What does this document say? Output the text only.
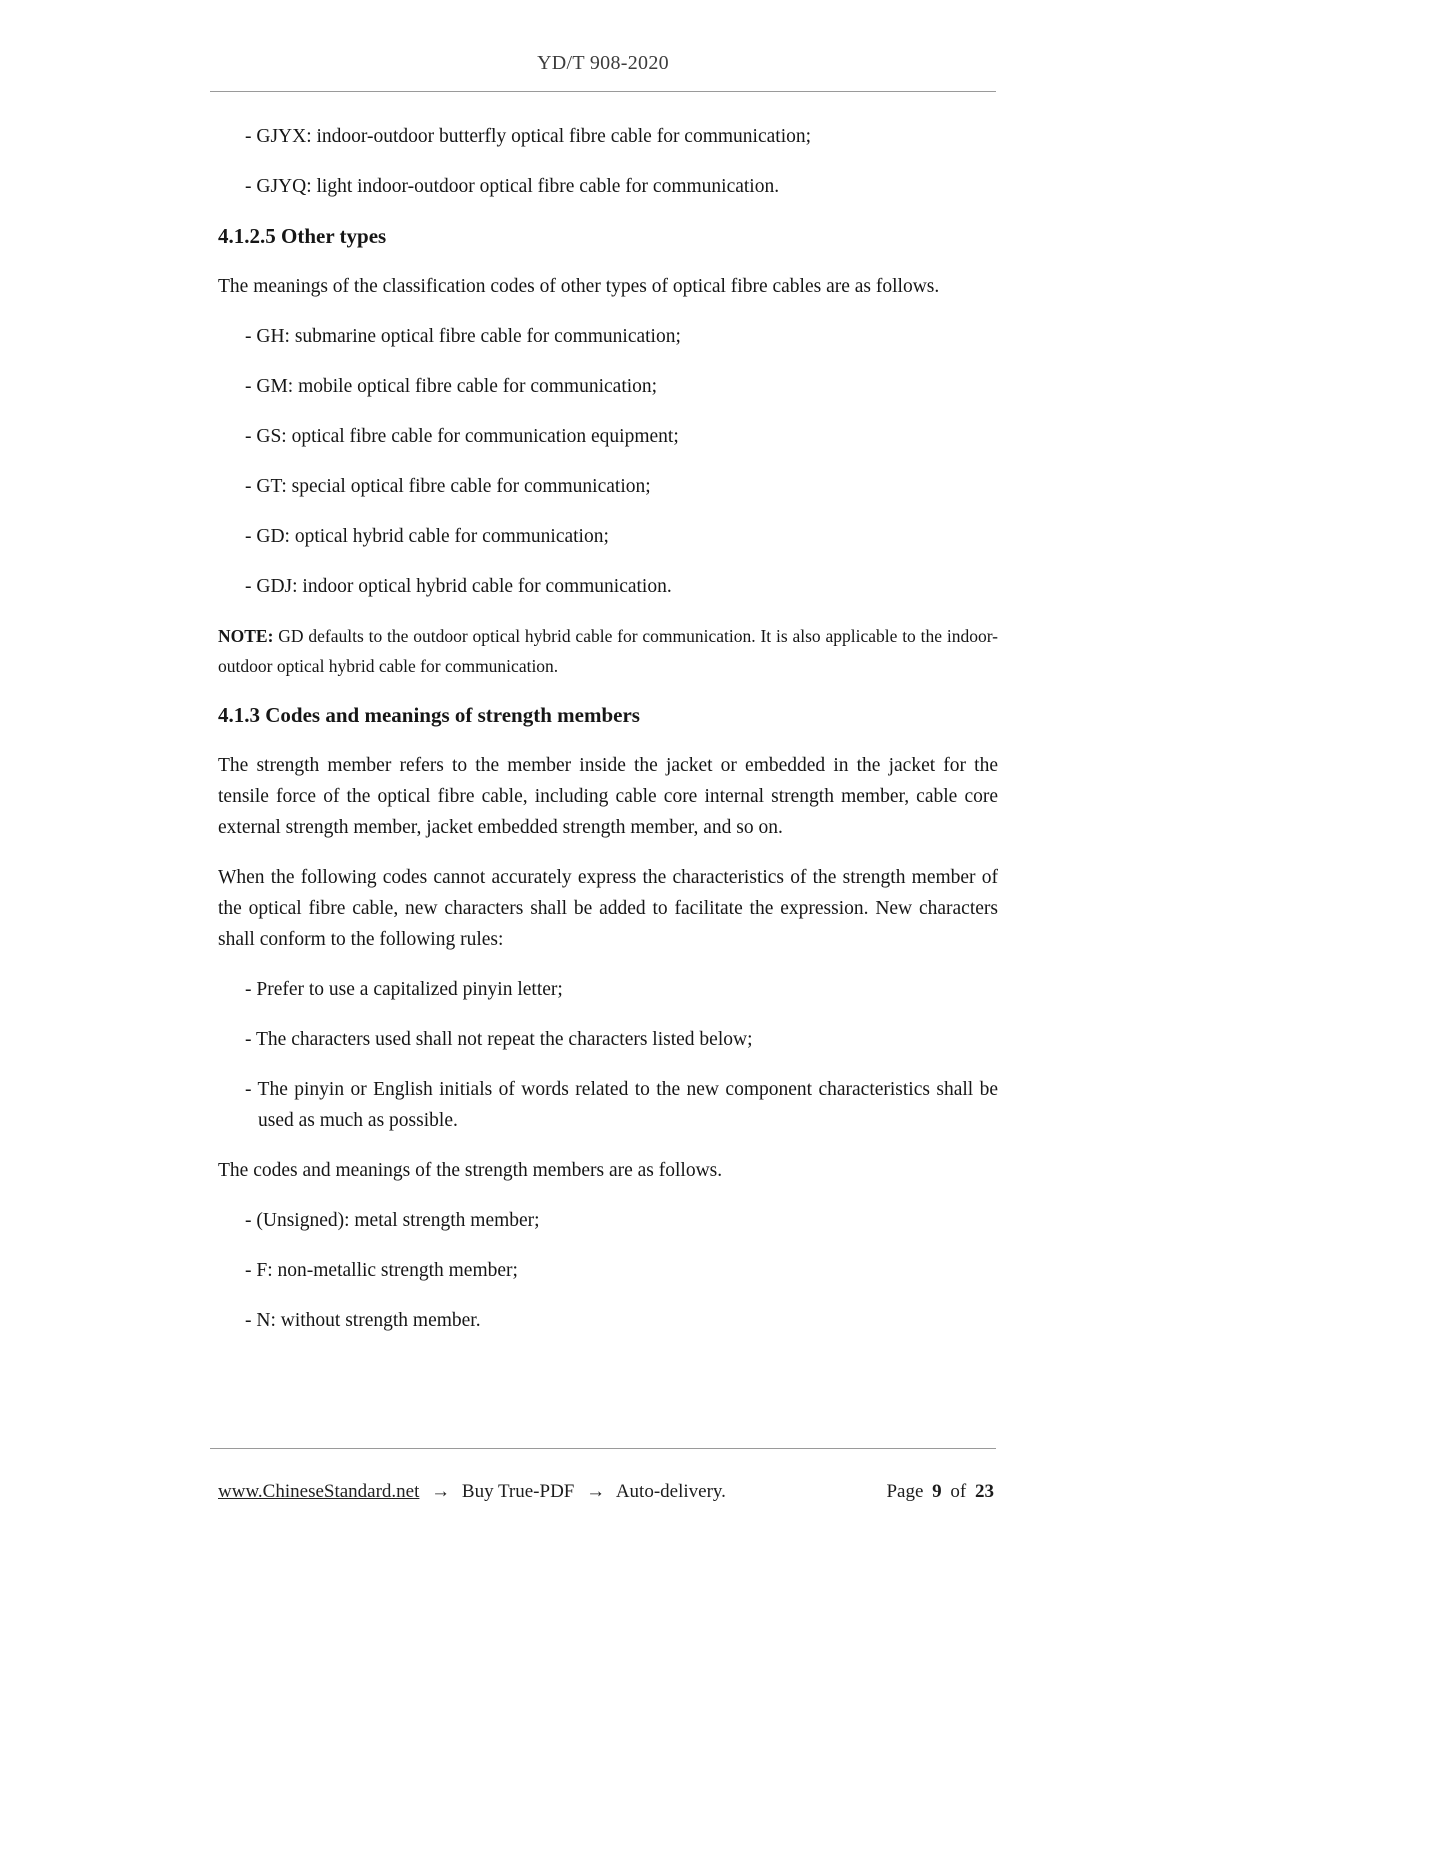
YD/T 908-2020

- GJYX: indoor-outdoor butterfly optical fibre cable for communication;

- GJYQ: light indoor-outdoor optical fibre cable for communication.

4.1.2.5 Other types

The meanings of the classification codes of other types of optical fibre cables are as follows.

- GH: submarine optical fibre cable for communication;

- GM: mobile optical fibre cable for communication;

- GS: optical fibre cable for communication equipment;

- GT: special optical fibre cable for communication;

- GD: optical hybrid cable for communication;

- GDJ: indoor optical hybrid cable for communication.

NOTE: GD defaults to the outdoor optical hybrid cable for communication. It is also applicable to the indoor-outdoor optical hybrid cable for communication.

4.1.3 Codes and meanings of strength members

The strength member refers to the member inside the jacket or embedded in the jacket for the tensile force of the optical fibre cable, including cable core internal strength member, cable core external strength member, jacket embedded strength member, and so on.

When the following codes cannot accurately express the characteristics of the strength member of the optical fibre cable, new characters shall be added to facilitate the expression. New characters shall conform to the following rules:

- Prefer to use a capitalized pinyin letter;

- The characters used shall not repeat the characters listed below;

- The pinyin or English initials of words related to the new component characteristics shall be used as much as possible.

The codes and meanings of the strength members are as follows.

- (Unsigned): metal strength member;

- F: non-metallic strength member;

- N: without strength member.

www.ChineseStandard.net → Buy True-PDF → Auto-delivery.	Page 9 of 23
